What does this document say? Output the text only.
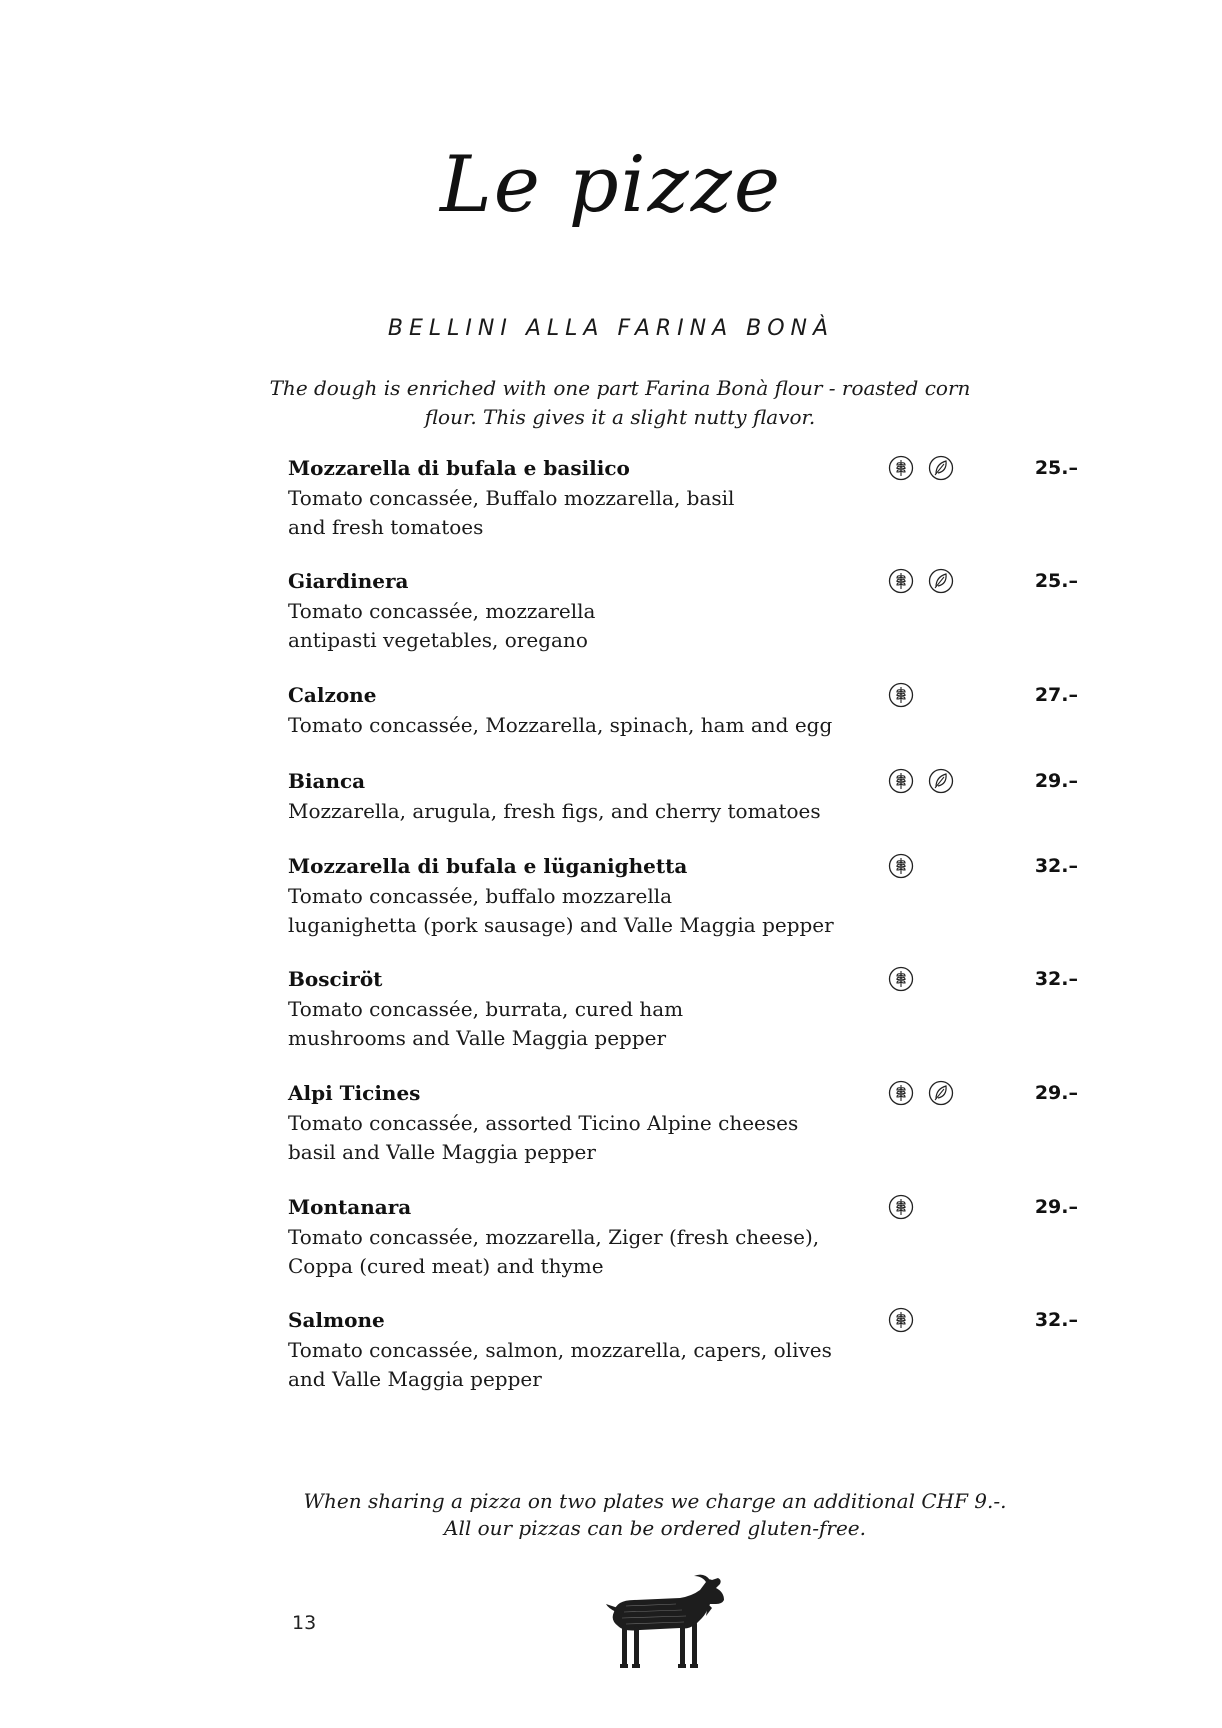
Le pizze
BELLINI ALLA FARINA BONÀ
The dough is enriched with one part Farina Bonà flour - roasted corn flour. This gives it a slight nutty flavor.
Mozzarella di bufala e basilico
Tomato concassée, Buffalo mozzarella, basil
and fresh tomatoes
25.–
Giardinera
Tomato concassée, mozzarella
antipasti vegetables, oregano
25.–
Calzone
Tomato concassée, Mozzarella, spinach, ham and egg
27.–
Bianca
Mozzarella, arugula, fresh figs, and cherry tomatoes
29.–
Mozzarella di bufala e lüganighetta
Tomato concassée, buffalo mozzarella
luganighetta (pork sausage) and Valle Maggia pepper
32.–
Bosciröt
Tomato concassée, burrata, cured ham
mushrooms and Valle Maggia pepper
32.–
Alpi Ticines
Tomato concassée, assorted Ticino Alpine cheeses
basil and Valle Maggia pepper
29.–
Montanara
Tomato concassée, mozzarella, Ziger (fresh cheese),
Coppa (cured meat) and thyme
29.–
Salmone
Tomato concassée, salmon, mozzarella, capers, olives
and Valle Maggia pepper
32.–
When sharing a pizza on two plates we charge an additional CHF 9.-.
All our pizzas can be ordered gluten-free.
13
